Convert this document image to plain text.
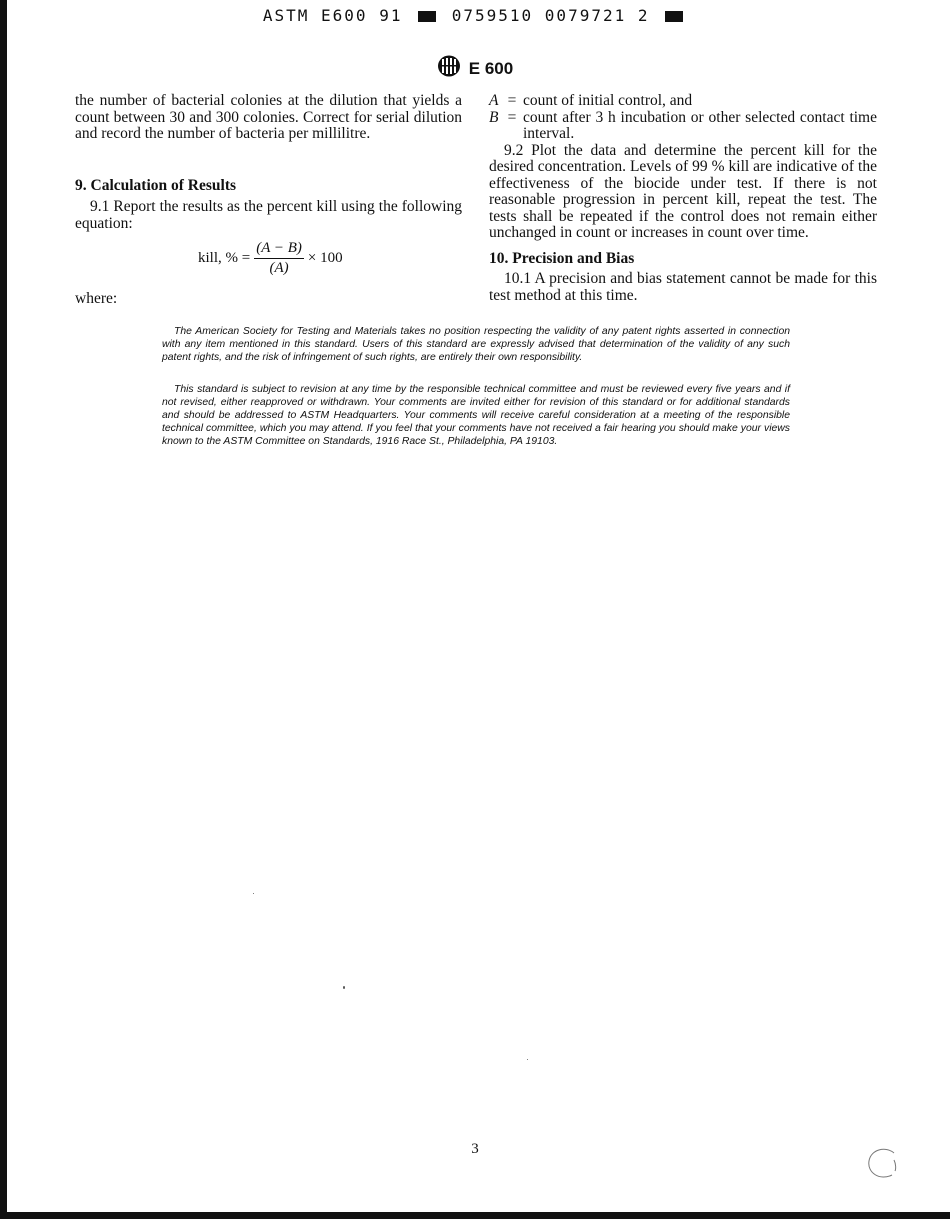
ASTM E600 91	0759510 0079721 2
E 600

the number of bacterial colonies at the dilution that yields a count between 30 and 300 colonies. Correct for serial dilution and record the number of bacteria per millilitre.

9. Calculation of Results

9.1 Report the results as the percent kill using the following equation:

kill, % = $\frac{(A - B)}{(A)} \times 100$
where:
A = count of initial control, and
B = count after 3 h incubation or other selected contact time interval.

9.2 Plot the data and determine the percent kill for the desired concentration. Levels of 99 % kill are indicative of the effectiveness of the biocide under test. If there is not reasonable progression in percent kill, repeat the test. The tests shall be repeated if the control does not remain either unchanged in count or increases in count over time.

10. Precision and Bias

10.1 A precision and bias statement cannot be made for this test method at this time.

The American Society for Testing and Materials takes no position respecting the validity of any patent rights asserted in connection with any item mentioned in this standard. Users of this standard are expressly advised that determination of the validity of any such patent rights, and the risk of infringement of such rights, are entirely their own responsibility.
This standard is subject to revision at any time by the responsible technical committee and must be reviewed every five years and if not revised, either reapproved or withdrawn. Your comments are invited either for revision of this standard or for additional standards and should be addressed to ASTM Headquarters. Your comments will receive careful consideration at a meeting of the responsible technical committee, which you may attend. If you feel that your comments have not received a fair hearing you should make your views known to the ASTM Committee on Standards, 1916 Race St., Philadelphia, PA 19103.
3
